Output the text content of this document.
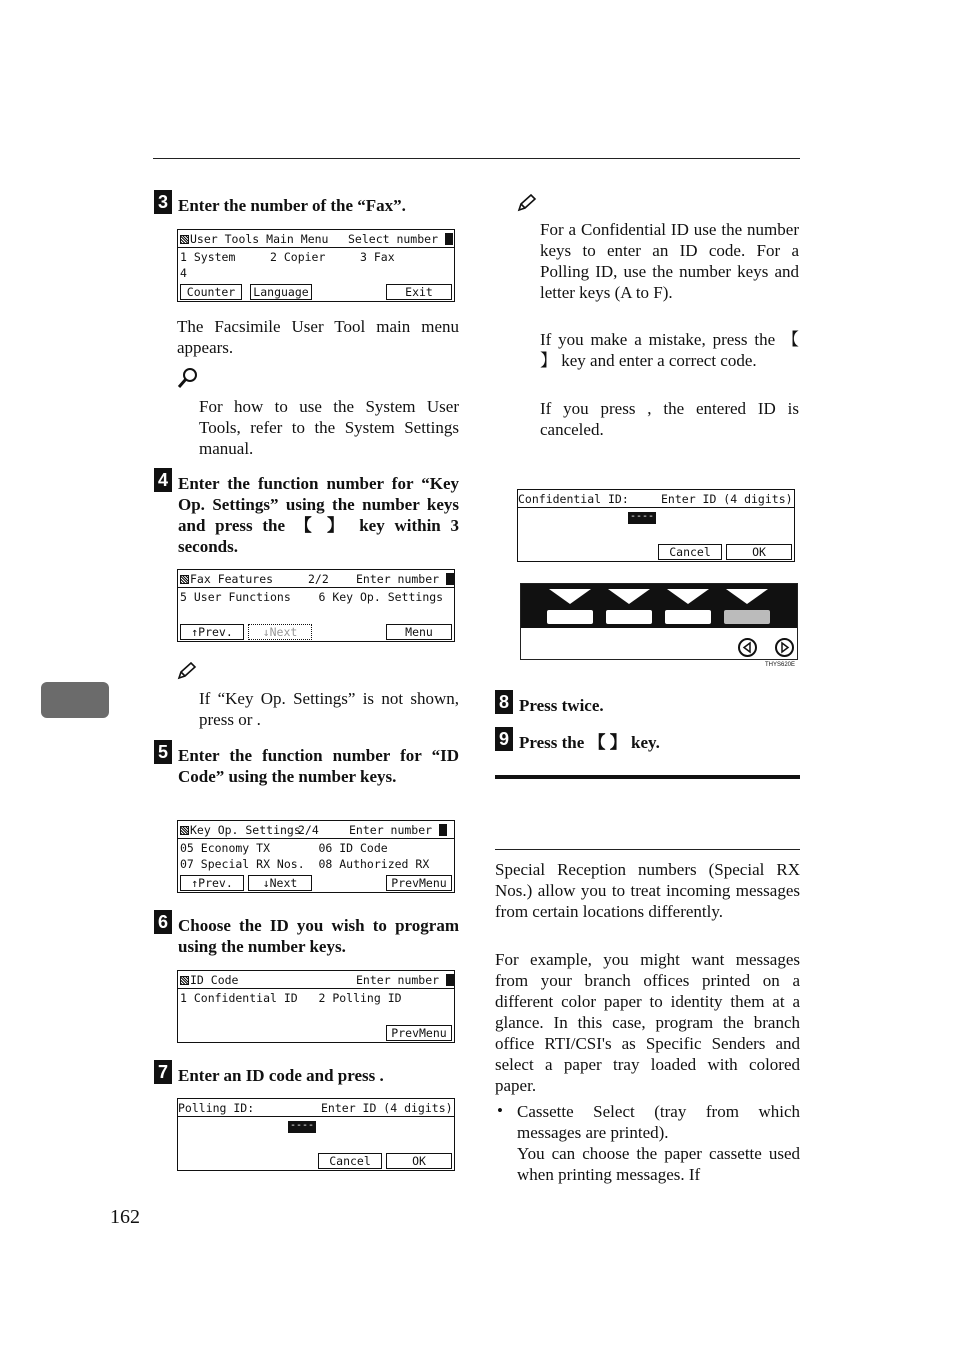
162
3 Enter the number of the “Fax”.
User Tools Main Menu Select number
1 System     2 Copier     3 Fax
4
Counter	Language	Exit
The Facsimile User Tool main menu appears.
For how to use the System User Tools, refer to the System Settings manual.
4 Enter the function number for “Key Op. Settings” using the number keys and press the 【 】 key within 3 seconds.
Fax Features	2/2 Enter number
5 User Functions    6 Key Op. Settings
↑Prev.	↓Next	Menu
If “Key Op. Settings” is not shown, press or .
5 Enter the function number for “ID Code” using the number keys.
Key Op. Settings
2/4	Enter number
05 Economy TX       06 ID Code
07 Special RX Nos.  08 Authorized RX
↑Prev.	↓Next	PrevMenu
6 Choose the ID you wish to program using the number keys.
ID Code	Enter number
1 Confidential ID   2 Polling ID
PrevMenu
7 Enter an ID code and press .
Polling ID:	Enter ID (4 digits)
----
Cancel	OK
For a Confidential ID use the number keys to enter an ID code. For a Polling ID, use the number keys and letter keys (A to F).
If you make a mistake, press the 【 】 key and enter a correct code.
If you press , the entered ID is canceled.
Confidential ID:	Enter ID (4 digits)
----
Cancel	OK
THYS620E
8 Press twice.
9 Press the 【 】 key.
Special Reception numbers (Special RX Nos.) allow you to treat incoming messages from certain locations differently.
For example, you might want messages from your branch offices printed on a different color paper to identity them at a glance. In this case, program the branch office RTI/CSI's as Specific Senders and select a paper tray loaded with colored paper.
• Cassette Select (tray from which messages are printed).
You can choose the paper cassette used when printing messages. If
